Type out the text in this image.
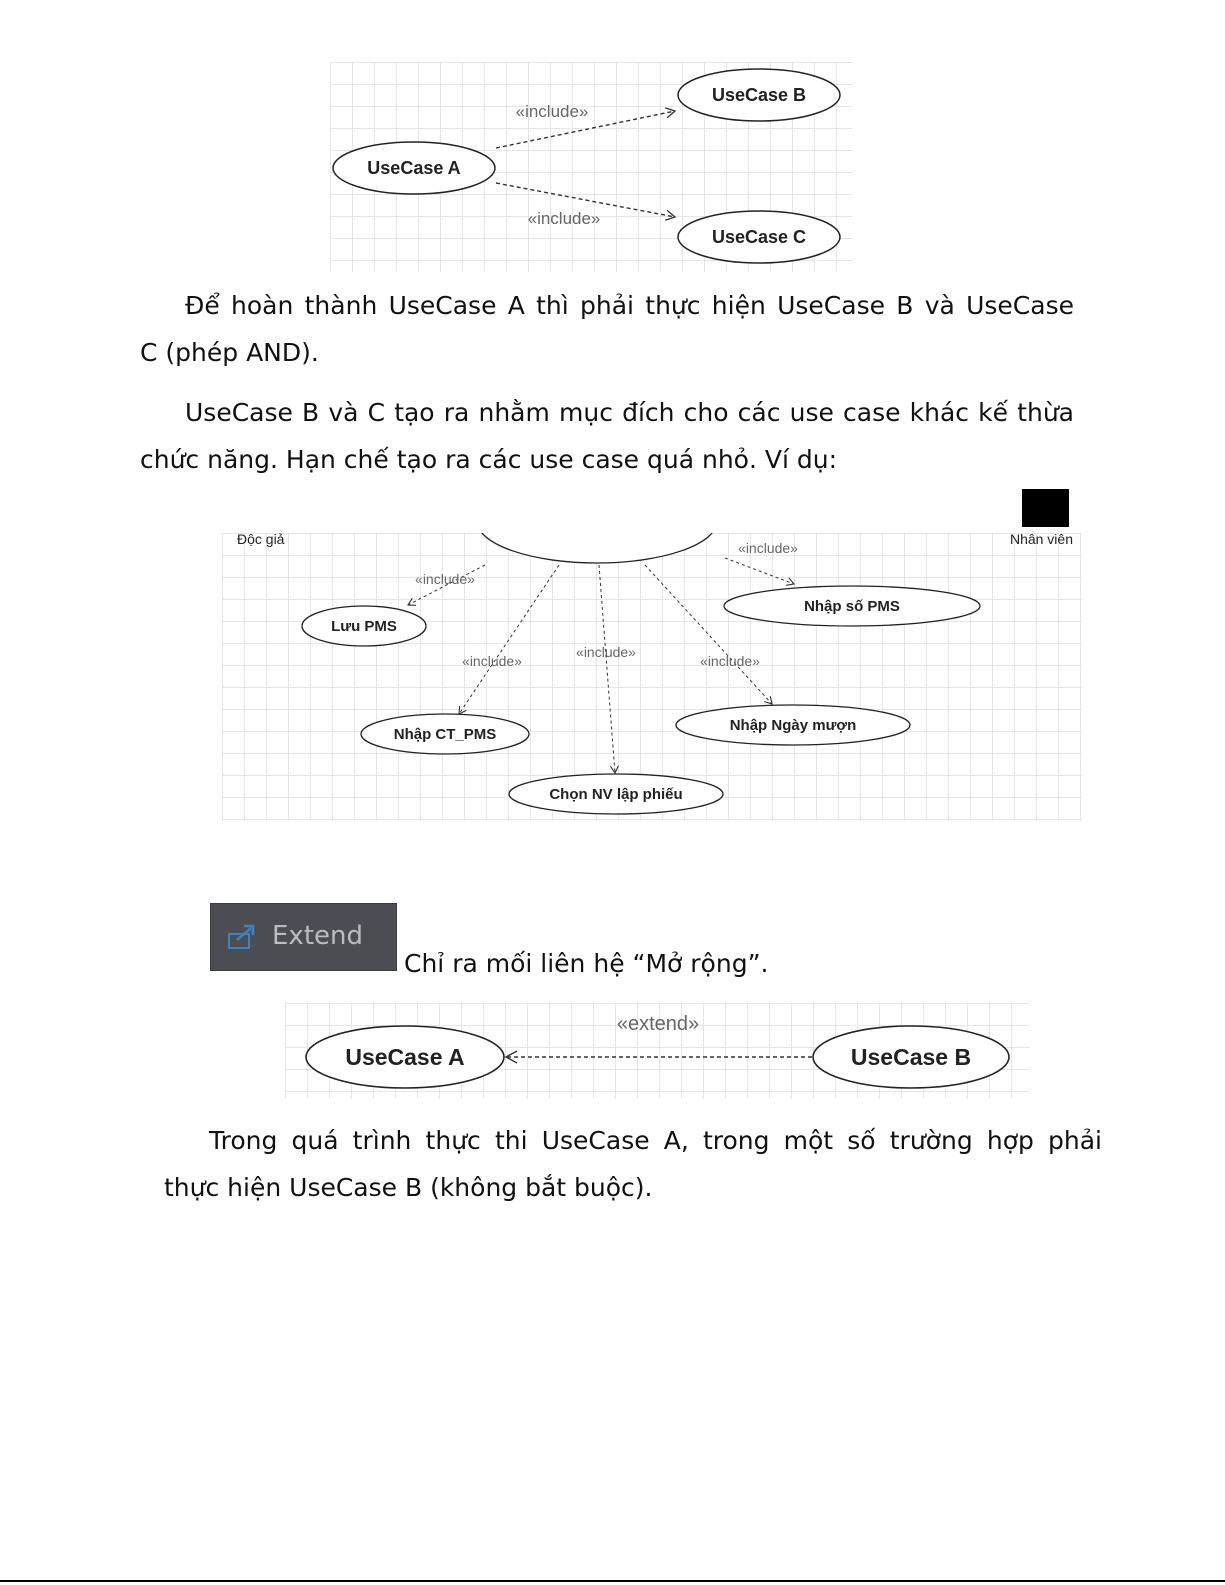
UseCase A
UseCase B
UseCase C
«include»
«include»
Để hoàn thành UseCase A thì phải thực hiện UseCase B và UseCase
C (phép AND).
UseCase B và C tạo ra nhằm mục đích cho các use case khác kế thừa
chức năng. Hạn chế tạo ra các use case quá nhỏ. Ví dụ:
Độc giả	Nhân viên
«include»
«include»
«include»
«include»
«include»
Lưu PMS
Nhập số PMS
Nhập CT_PMS
Nhập Ngày mượn
Chọn NV lập phiếu
Extend
Chỉ ra mối liên hệ “Mở rộng”.
«extend»
UseCase A	UseCase B
Trong quá trình thực thi UseCase A, trong một số trường hợp phải
thực hiện UseCase B (không bắt buộc).
